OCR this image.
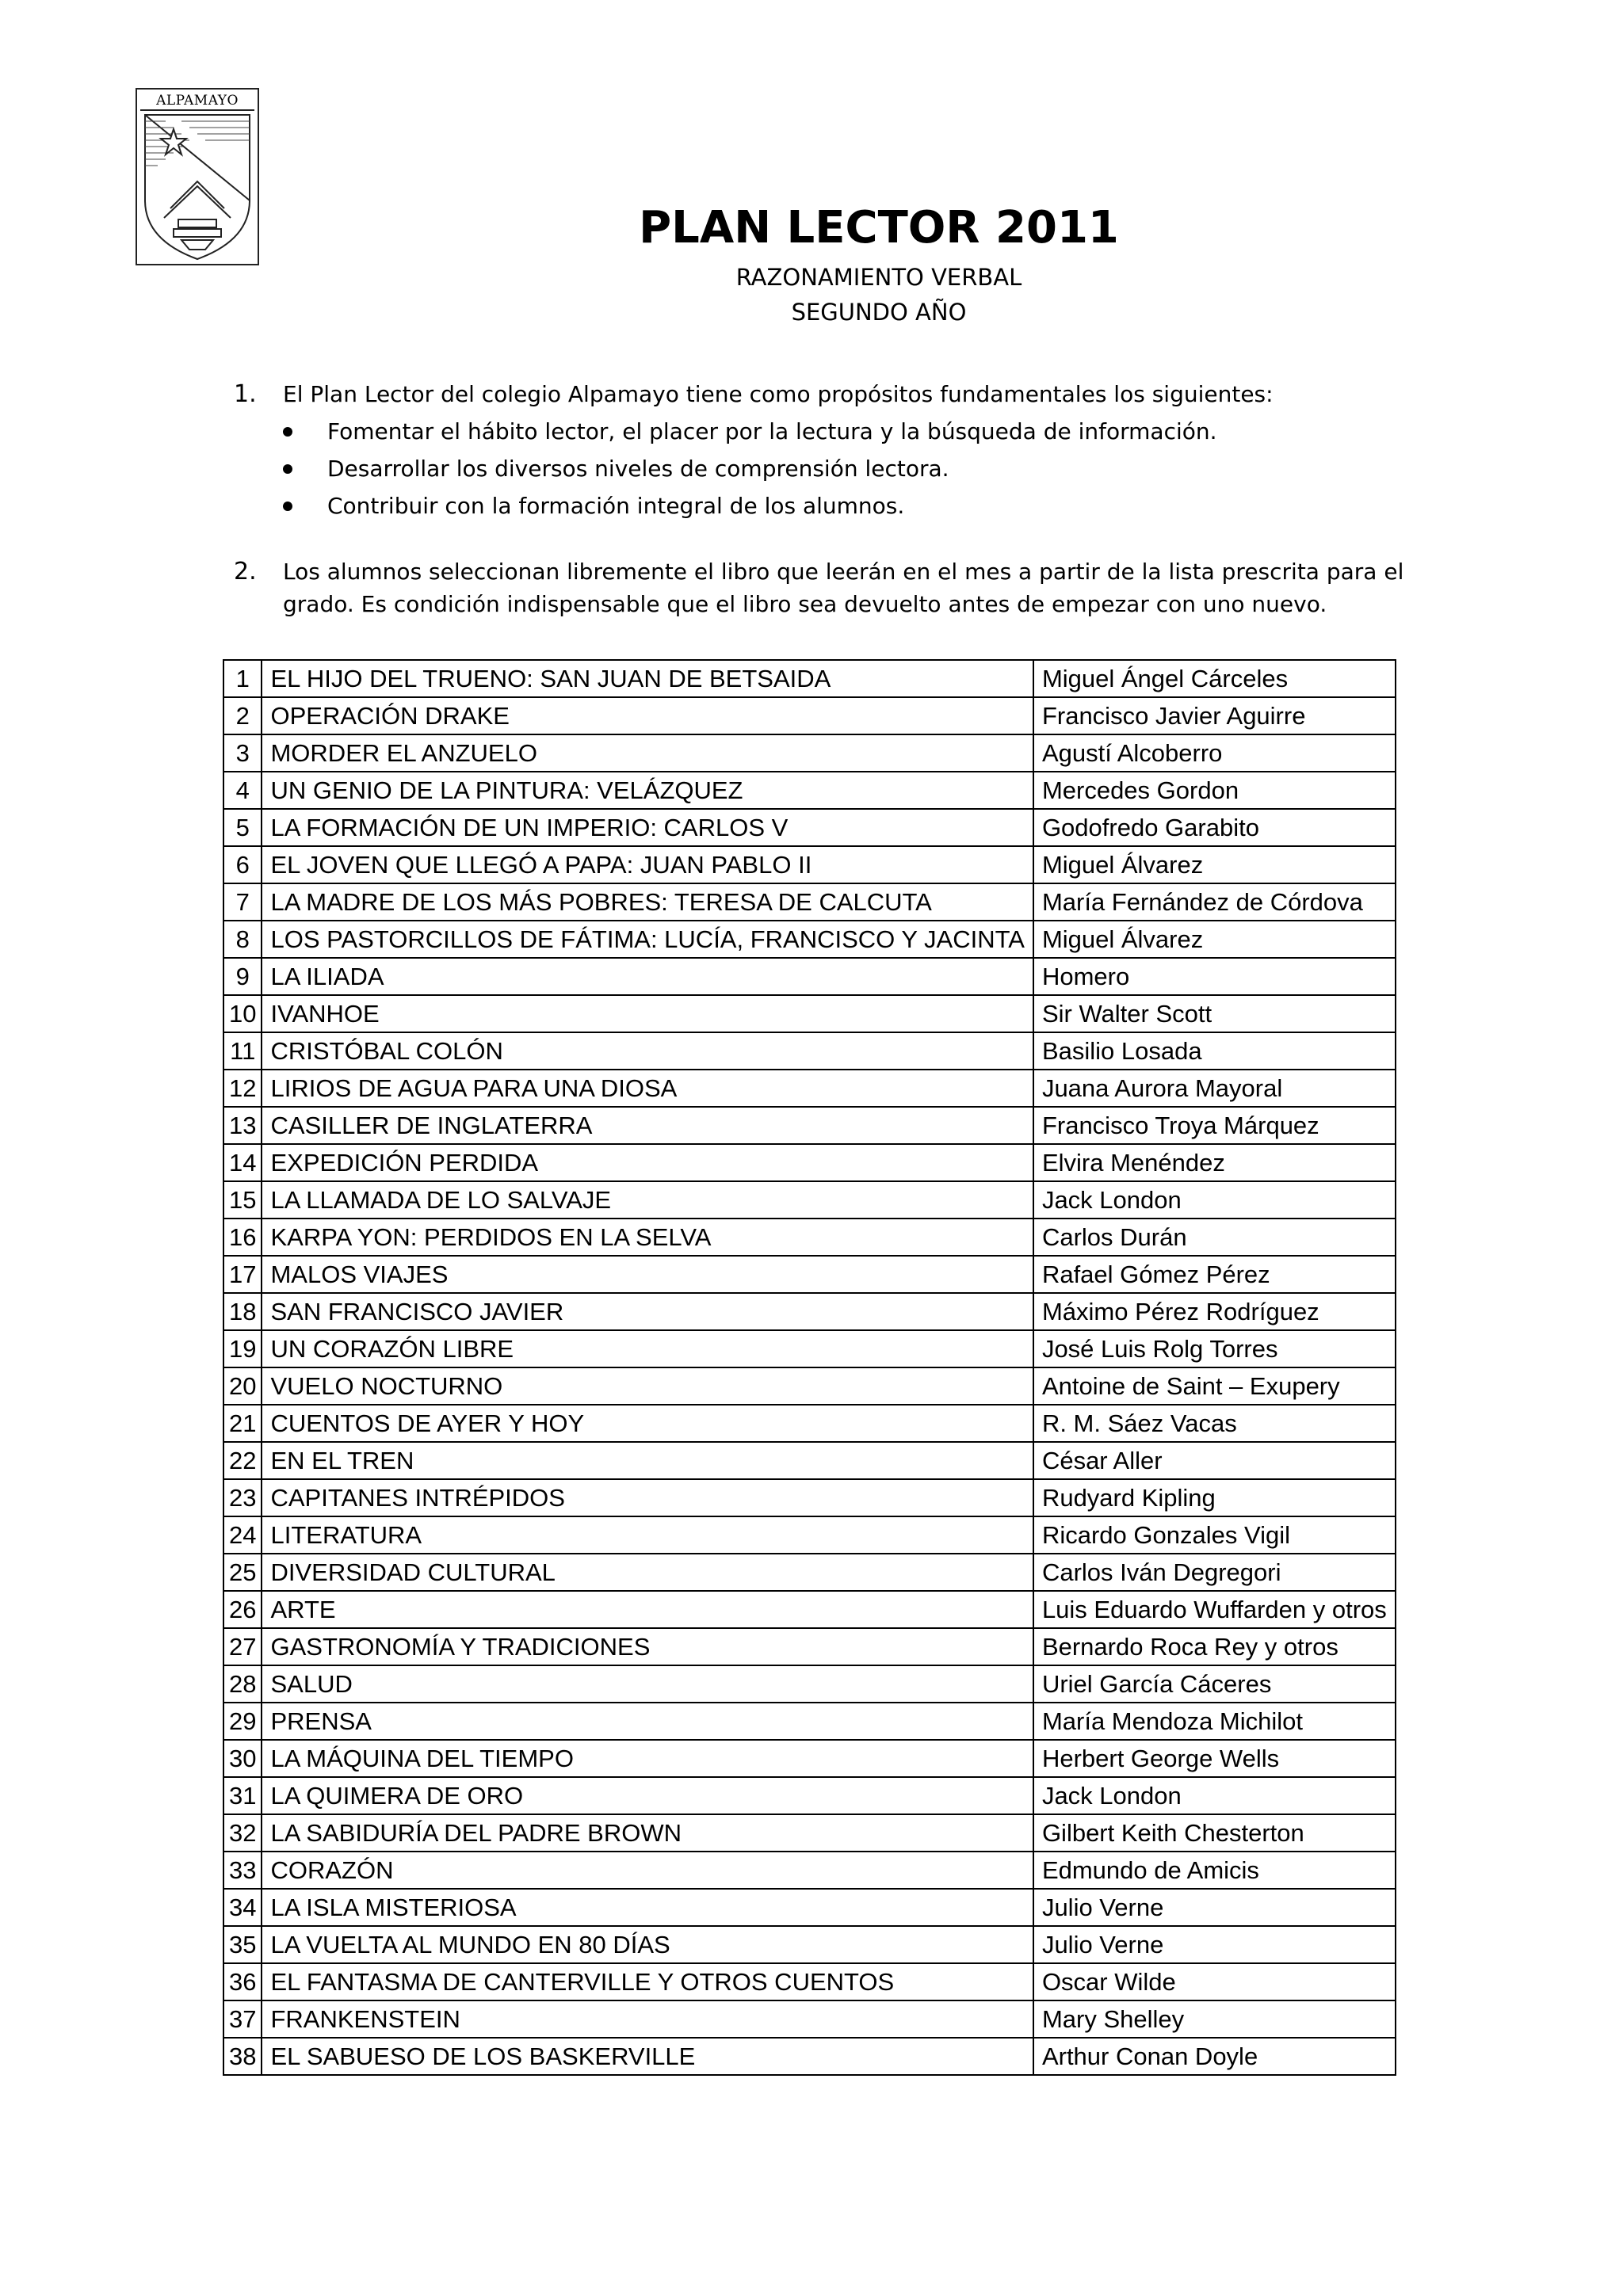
ALPAMAYO
PLAN LECTOR 2011
RAZONAMIENTO VERBAL
SEGUNDO AÑO
1. El Plan Lector del colegio Alpamayo tiene como propósitos fundamentales los siguientes:
Fomentar el hábito lector, el placer por la lectura y la búsqueda de información.
Desarrollar los diversos niveles de comprensión lectora.
Contribuir con la formación integral de los alumnos.
2. Los alumnos seleccionan libremente el libro que leerán en el mes a partir de la lista prescrita para el grado. Es condición indispensable que el libro sea devuelto antes de empezar con uno nuevo.
1	EL HIJO DEL TRUENO: SAN JUAN DE BETSAIDA	Miguel Ángel Cárceles
2	OPERACIÓN DRAKE	Francisco Javier Aguirre
3	MORDER EL ANZUELO	Agustí Alcoberro
4	UN GENIO DE LA PINTURA: VELÁZQUEZ	Mercedes Gordon
5	LA FORMACIÓN DE UN IMPERIO: CARLOS V	Godofredo Garabito
6	EL JOVEN QUE LLEGÓ A PAPA: JUAN PABLO II	Miguel Álvarez
7	LA MADRE DE LOS MÁS POBRES: TERESA DE CALCUTA	María Fernández de Córdova
8	LOS PASTORCILLOS DE FÁTIMA: LUCÍA, FRANCISCO Y JACINTA	Miguel Álvarez
9	LA ILIADA	Homero
10	IVANHOE	Sir Walter Scott
11	CRISTÓBAL COLÓN	Basilio Losada
12	LIRIOS DE AGUA PARA UNA DIOSA	Juana Aurora Mayoral
13	CASILLER DE INGLATERRA	Francisco Troya Márquez
14	EXPEDICIÓN PERDIDA	Elvira Menéndez
15	LA LLAMADA DE LO SALVAJE	Jack London
16	KARPA YON: PERDIDOS EN LA SELVA	Carlos Durán
17	MALOS VIAJES	Rafael Gómez Pérez
18	SAN FRANCISCO JAVIER	Máximo Pérez Rodríguez
19	UN CORAZÓN LIBRE	José Luis Rolg Torres
20	VUELO NOCTURNO	Antoine de Saint – Exupery
21	CUENTOS DE AYER Y HOY	R. M. Sáez Vacas
22	EN EL TREN	César Aller
23	CAPITANES INTRÉPIDOS	Rudyard Kipling
24	LITERATURA	Ricardo Gonzales Vigil
25	DIVERSIDAD CULTURAL	Carlos Iván Degregori
26	ARTE	Luis Eduardo Wuffarden y otros
27	GASTRONOMÍA Y TRADICIONES	Bernardo Roca Rey y otros
28	SALUD	Uriel García Cáceres
29	PRENSA	María Mendoza Michilot
30	LA MÁQUINA DEL TIEMPO	Herbert George Wells
31	LA QUIMERA DE ORO	Jack London
32	LA SABIDURÍA DEL PADRE BROWN	Gilbert Keith Chesterton
33	CORAZÓN	Edmundo de Amicis
34	LA ISLA MISTERIOSA	Julio Verne
35	LA VUELTA AL MUNDO EN 80 DÍAS	Julio Verne
36	EL FANTASMA DE CANTERVILLE Y OTROS CUENTOS	Oscar Wilde
37	FRANKENSTEIN	Mary Shelley
38	EL SABUESO DE LOS BASKERVILLE	Arthur Conan Doyle
